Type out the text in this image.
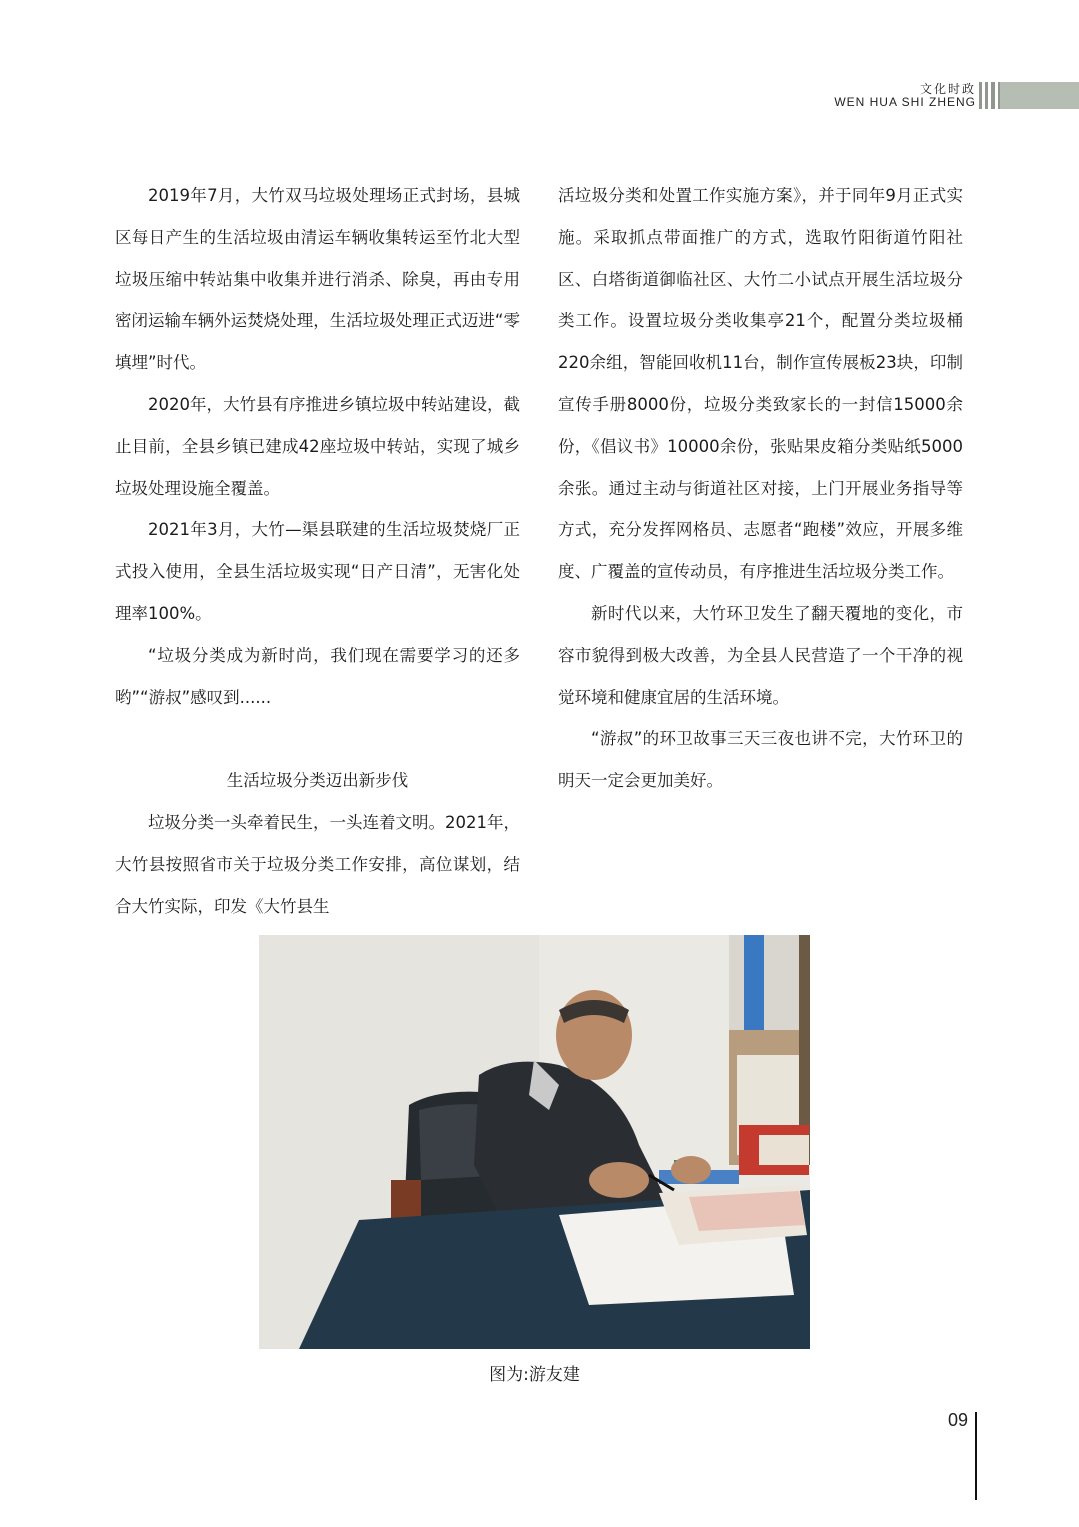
文化时政
WEN HUA SHI ZHENG

2019年7月，大竹双马垃圾处理场正式封场，县城区每日产生的生活垃圾由清运车辆收集转运至竹北大型垃圾压缩中转站集中收集并进行消杀、除臭，再由专用密闭运输车辆外运焚烧处理，生活垃圾处理正式迈进“零填埋”时代。

2020年，大竹县有序推进乡镇垃圾中转站建设，截止目前，全县乡镇已建成42座垃圾中转站，实现了城乡垃圾处理设施全覆盖。

2021年3月，大竹—渠县联建的生活垃圾焚烧厂正式投入使用，全县生活垃圾实现“日产日清”，无害化处理率100%。

“垃圾分类成为新时尚，我们现在需要学习的还多哟”“游叔”感叹到......

生活垃圾分类迈出新步伐

垃圾分类一头牵着民生，一头连着文明。2021年，大竹县按照省市关于垃圾分类工作安排，高位谋划，结合大竹实际，印发《大竹县生

活垃圾分类和处置工作实施方案》，并于同年9月正式实施。采取抓点带面推广的方式，选取竹阳街道竹阳社区、白塔街道御临社区、大竹二小试点开展生活垃圾分类工作。设置垃圾分类收集亭21个，配置分类垃圾桶220余组，智能回收机11台，制作宣传展板23块，印制宣传手册8000份，垃圾分类致家长的一封信15000余份，《倡议书》10000余份，张贴果皮箱分类贴纸5000余张。通过主动与街道社区对接，上门开展业务指导等方式，充分发挥网格员、志愿者“跑楼”效应，开展多维度、广覆盖的宣传动员，有序推进生活垃圾分类工作。

新时代以来，大竹环卫发生了翻天覆地的变化，市容市貌得到极大改善，为全县人民营造了一个干净的视觉环境和健康宜居的生活环境。

“游叔”的环卫故事三天三夜也讲不完，大竹环卫的明天一定会更加美好。

图为:游友建
09
